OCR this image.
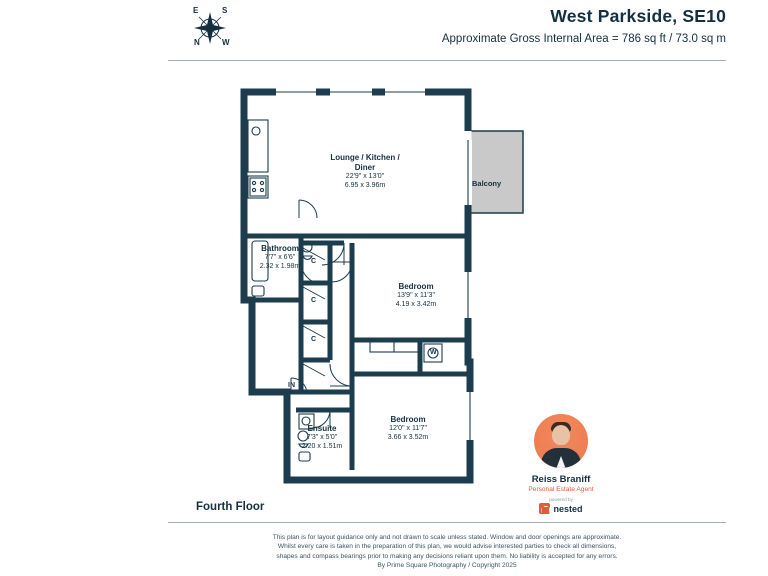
N
S
E
W
West Parkside, SE10
Approximate Gross Internal Area = 786 sq ft / 73.0 sq m
Lounge / Kitchen /
Diner
22'9" x 13'0"
6.95 x 3.96m
Bathroom
7'7" x 6'6"
2.32 x 1.98m
Bedroom
13'9" x 11'3"
4.19 x 3.42m
Bedroom
12'0" x 11'7"
3.66 x 3.52m
Ensuite
7'3" x 5'0"
2.20 x 1.51m
Balcony
C
C
C
W
IN
Reiss Braniff
Personal Estate Agent
powered by
nested
Fourth Floor
This plan is for layout guidance only and not drawn to scale unless stated. Window and door openings are approximate.
Whilst every care is taken in the preparation of this plan, we would advise interested parties to check all dimensions,
shapes and compass bearings prior to making any decisions reliant upon them. No liability is accepted for any errors.
By Prime Square Photography / Copyright 2025
